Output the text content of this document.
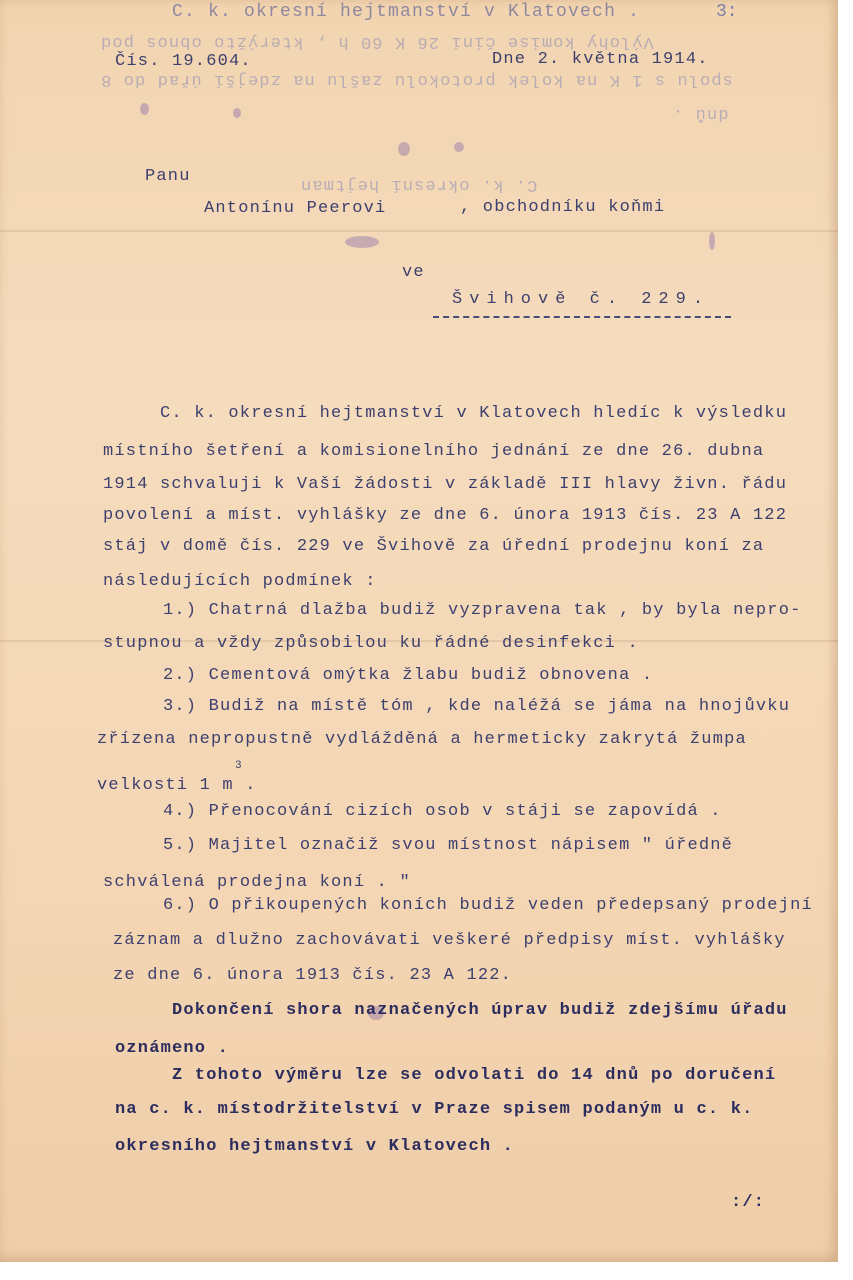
C. k. okresní hejtmanství v Klatovech .	3:
Čís. 19.604.	Dne 2. května 1914.
Výlohy komise činí 26 K 60 h , kterýžto obnos pod
spolu s 1 K na kolek protokolu zašlu na zdejší úřad do 8
dnů .
C. k. okresní hejtman
Panu
Antonínu Peerovi	, obchodníku koňmi
ve
Švihově č. 229.
C. k. okresní hejtmanství v Klatovech hledíc k výsledku
místního šetření a komisionelního jednání ze dne 26. dubna
1914 schvaluji k Vaší žádosti v základě III hlavy živn. řádu
povolení a míst. vyhlášky ze dne 6. února 1913 čís. 23 A 122
stáj v domě čís. 229 ve Švihově za úřední prodejnu koní za
následujících podmínek :
1.) Chatrná dlažba budiž vyzpravena tak , by byla nepro-
stupnou a vždy způsobilou ku řádné desinfekci .
2.) Cementová omýtka žlabu budiž obnovena .
3.) Budiž na místě tóm , kde naléžá se jáma na hnojůvku
zřízena nepropustně vydlážděná a hermeticky zakrytá žumpa
velkosti 1 m .
3
4.) Přenocování cizích osob v stáji se zapovídá .
5.) Majitel označiž svou místnost nápisem " úředně
schválená prodejna koní . "
6.) O přikoupených koních budiž veden předepsaný prodejní
záznam a dlužno zachovávati veškeré předpisy míst. vyhlášky
ze dne 6. února 1913 čís. 23 A 122.
Dokončení shora naznačených úprav budiž zdejšímu úřadu
oznámeno .
Z tohoto výměru lze se odvolati do 14 dnů po doručení
na c. k. místodržitelství v Praze spisem podaným u c. k.
okresního hejtmanství v Klatovech .
:/:
